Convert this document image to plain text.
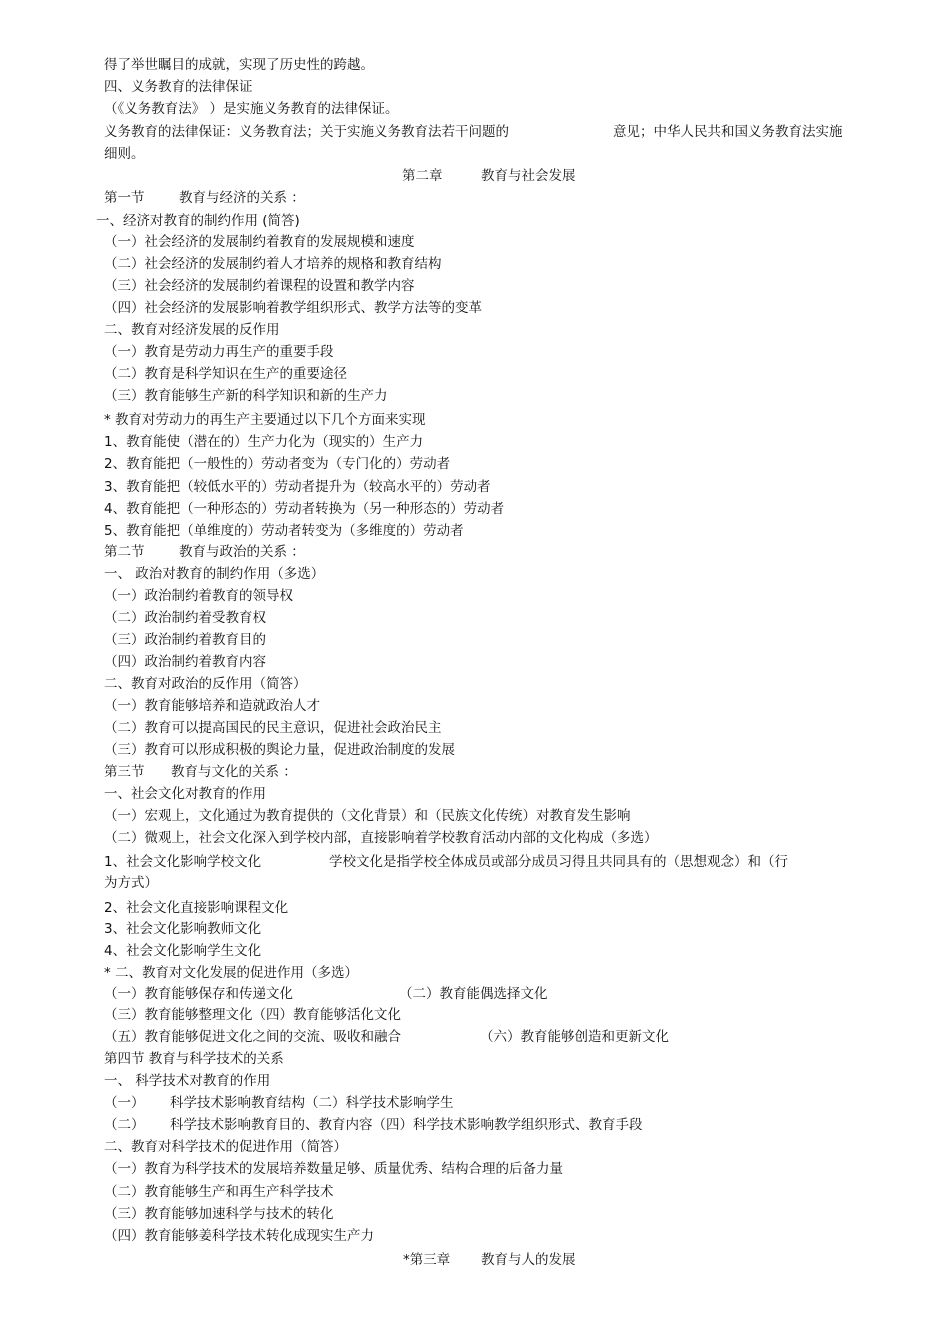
得了举世瞩目的成就，实现了历史性的跨越。
四、义务教育的法律保证
（《义务教育法》 ）是实施义务教育的法律保证。
义务教育的法律保证：义务教育法；关于实施义务教育法若干问题的	意见；中华人民共和国义务教育法实施
细则。
第二章	教育与社会发展
第一节	教育与经济的关系 ：
一、经济对教育的制约作用 (简答)
（一）社会经济的发展制约着教育的发展规模和速度
（二）社会经济的发展制约着人才培养的规格和教育结构
（三）社会经济的发展制约着课程的设置和教学内容
（四）社会经济的发展影响着教学组织形式、教学方法等的变革
二、教育对经济发展的反作用
（一）教育是劳动力再生产的重要手段
（二）教育是科学知识在生产的重要途径
（三）教育能够生产新的科学知识和新的生产力
* 教育对劳动力的再生产主要通过以下几个方面来实现
1、教育能使（潜在的）生产力化为（现实的）生产力
2、教育能把（一般性的）劳动者变为（专门化的）劳动者
3、教育能把（较低水平的）劳动者提升为（较高水平的）劳动者
4、教育能把（一种形态的）劳动者转换为（另一种形态的）劳动者
5、教育能把（单维度的）劳动者转变为（多维度的）劳动者
第二节	教育与政治的关系 ：
一、 政治对教育的制约作用（多选）
（一）政治制约着教育的领导权
（二）政治制约着受教育权
（三）政治制约着教育目的
（四）政治制约着教育内容
二、教育对政治的反作用（简答）
（一）教育能够培养和造就政治人才
（二）教育可以提高国民的民主意识，促进社会政治民主
（三）教育可以形成积极的舆论力量，促进政治制度的发展
第三节 教育与文化的关系 ：
一、社会文化对教育的作用
（一）宏观上，文化通过为教育提供的（文化背景）和（民族文化传统）对教育发生影响
（二）微观上，社会文化深入到学校内部，直接影响着学校教育活动内部的文化构成（多选）
1、社会文化影响学校文化	学校文化是指学校全体成员或部分成员习得且共同具有的（思想观念）和（行
为方式）
2、社会文化直接影响课程文化
3、社会文化影响教师文化
4、社会文化影响学生文化
* 二、教育对文化发展的促进作用（多选）
（一）教育能够保存和传递文化	（二）教育能偶选择文化
（三）教育能够整理文化（四）教育能够活化文化
（五）教育能够促进文化之间的交流、吸收和融合	（六）教育能够创造和更新文化
第四节 教育与科学技术的关系
一、 科学技术对教育的作用
（一） 科学技术影响教育结构（二）科学技术影响学生
（二） 科学技术影响教育目的、教育内容（四）科学技术影响教学组织形式、教育手段
二、教育对科学技术的促进作用（简答）
（一）教育为科学技术的发展培养数量足够、质量优秀、结构合理的后备力量
（二）教育能够生产和再生产科学技术
（三）教育能够加速科学与技术的转化
（四）教育能够姜科学技术转化成现实生产力
*第三章 教育与人的发展
